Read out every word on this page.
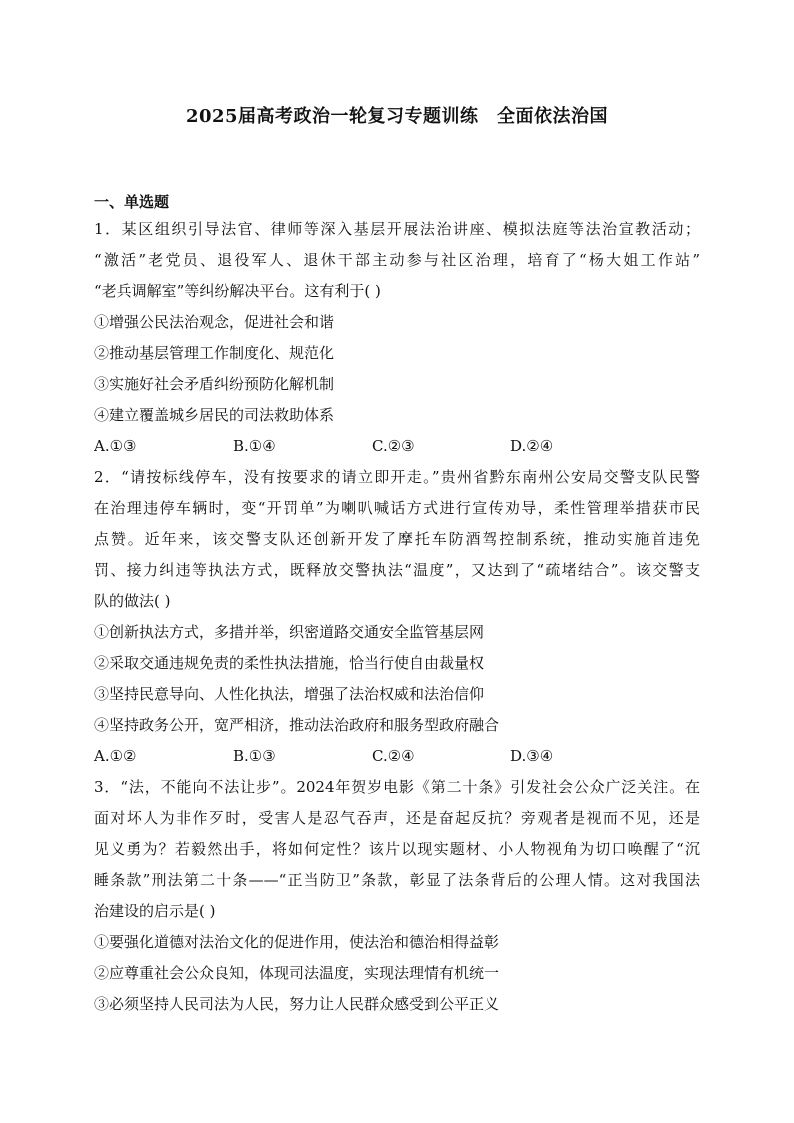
2025届高考政治一轮复习专题训练　全面依法治国
一、单选题
1．某区组织引导法官、律师等深入基层开展法治讲座、模拟法庭等法治宣教活动；
“激活”老党员、退役军人、退休干部主动参与社区治理，培育了“杨大姐工作站”
“老兵调解室”等纠纷解决平台。这有利于( )
①增强公民法治观念，促进社会和谐
②推动基层管理工作制度化、规范化
③实施好社会矛盾纠纷预防化解机制
④建立覆盖城乡居民的司法救助体系
A.①③	B.①④	C.②③	D.②④
2．“请按标线停车，没有按要求的请立即开走。”贵州省黔东南州公安局交警支队民警
在治理违停车辆时，变“开罚单”为喇叭喊话方式进行宣传劝导，柔性管理举措获市民
点赞。近年来，该交警支队还创新开发了摩托车防酒驾控制系统，推动实施首违免
罚、接力纠违等执法方式，既释放交警执法“温度”，又达到了“疏堵结合”。该交警支
队的做法( )
①创新执法方式，多措并举，织密道路交通安全监管基层网
②采取交通违规免责的柔性执法措施，恰当行使自由裁量权
③坚持民意导向、人性化执法，增强了法治权威和法治信仰
④坚持政务公开，宽严相济，推动法治政府和服务型政府融合
A.①②	B.①③	C.②④	D.③④
3．“法，不能向不法让步”。2024年贺岁电影《第二十条》引发社会公众广泛关注。在
面对坏人为非作歹时，受害人是忍气吞声，还是奋起反抗？旁观者是视而不见，还是
见义勇为？若毅然出手，将如何定性？该片以现实题材、小人物视角为切口唤醒了“沉
睡条款”刑法第二十条——“正当防卫”条款，彰显了法条背后的公理人情。这对我国法
治建设的启示是( )
①要强化道德对法治文化的促进作用，使法治和德治相得益彰
②应尊重社会公众良知，体现司法温度，实现法理情有机统一
③必须坚持人民司法为人民，努力让人民群众感受到公平正义
